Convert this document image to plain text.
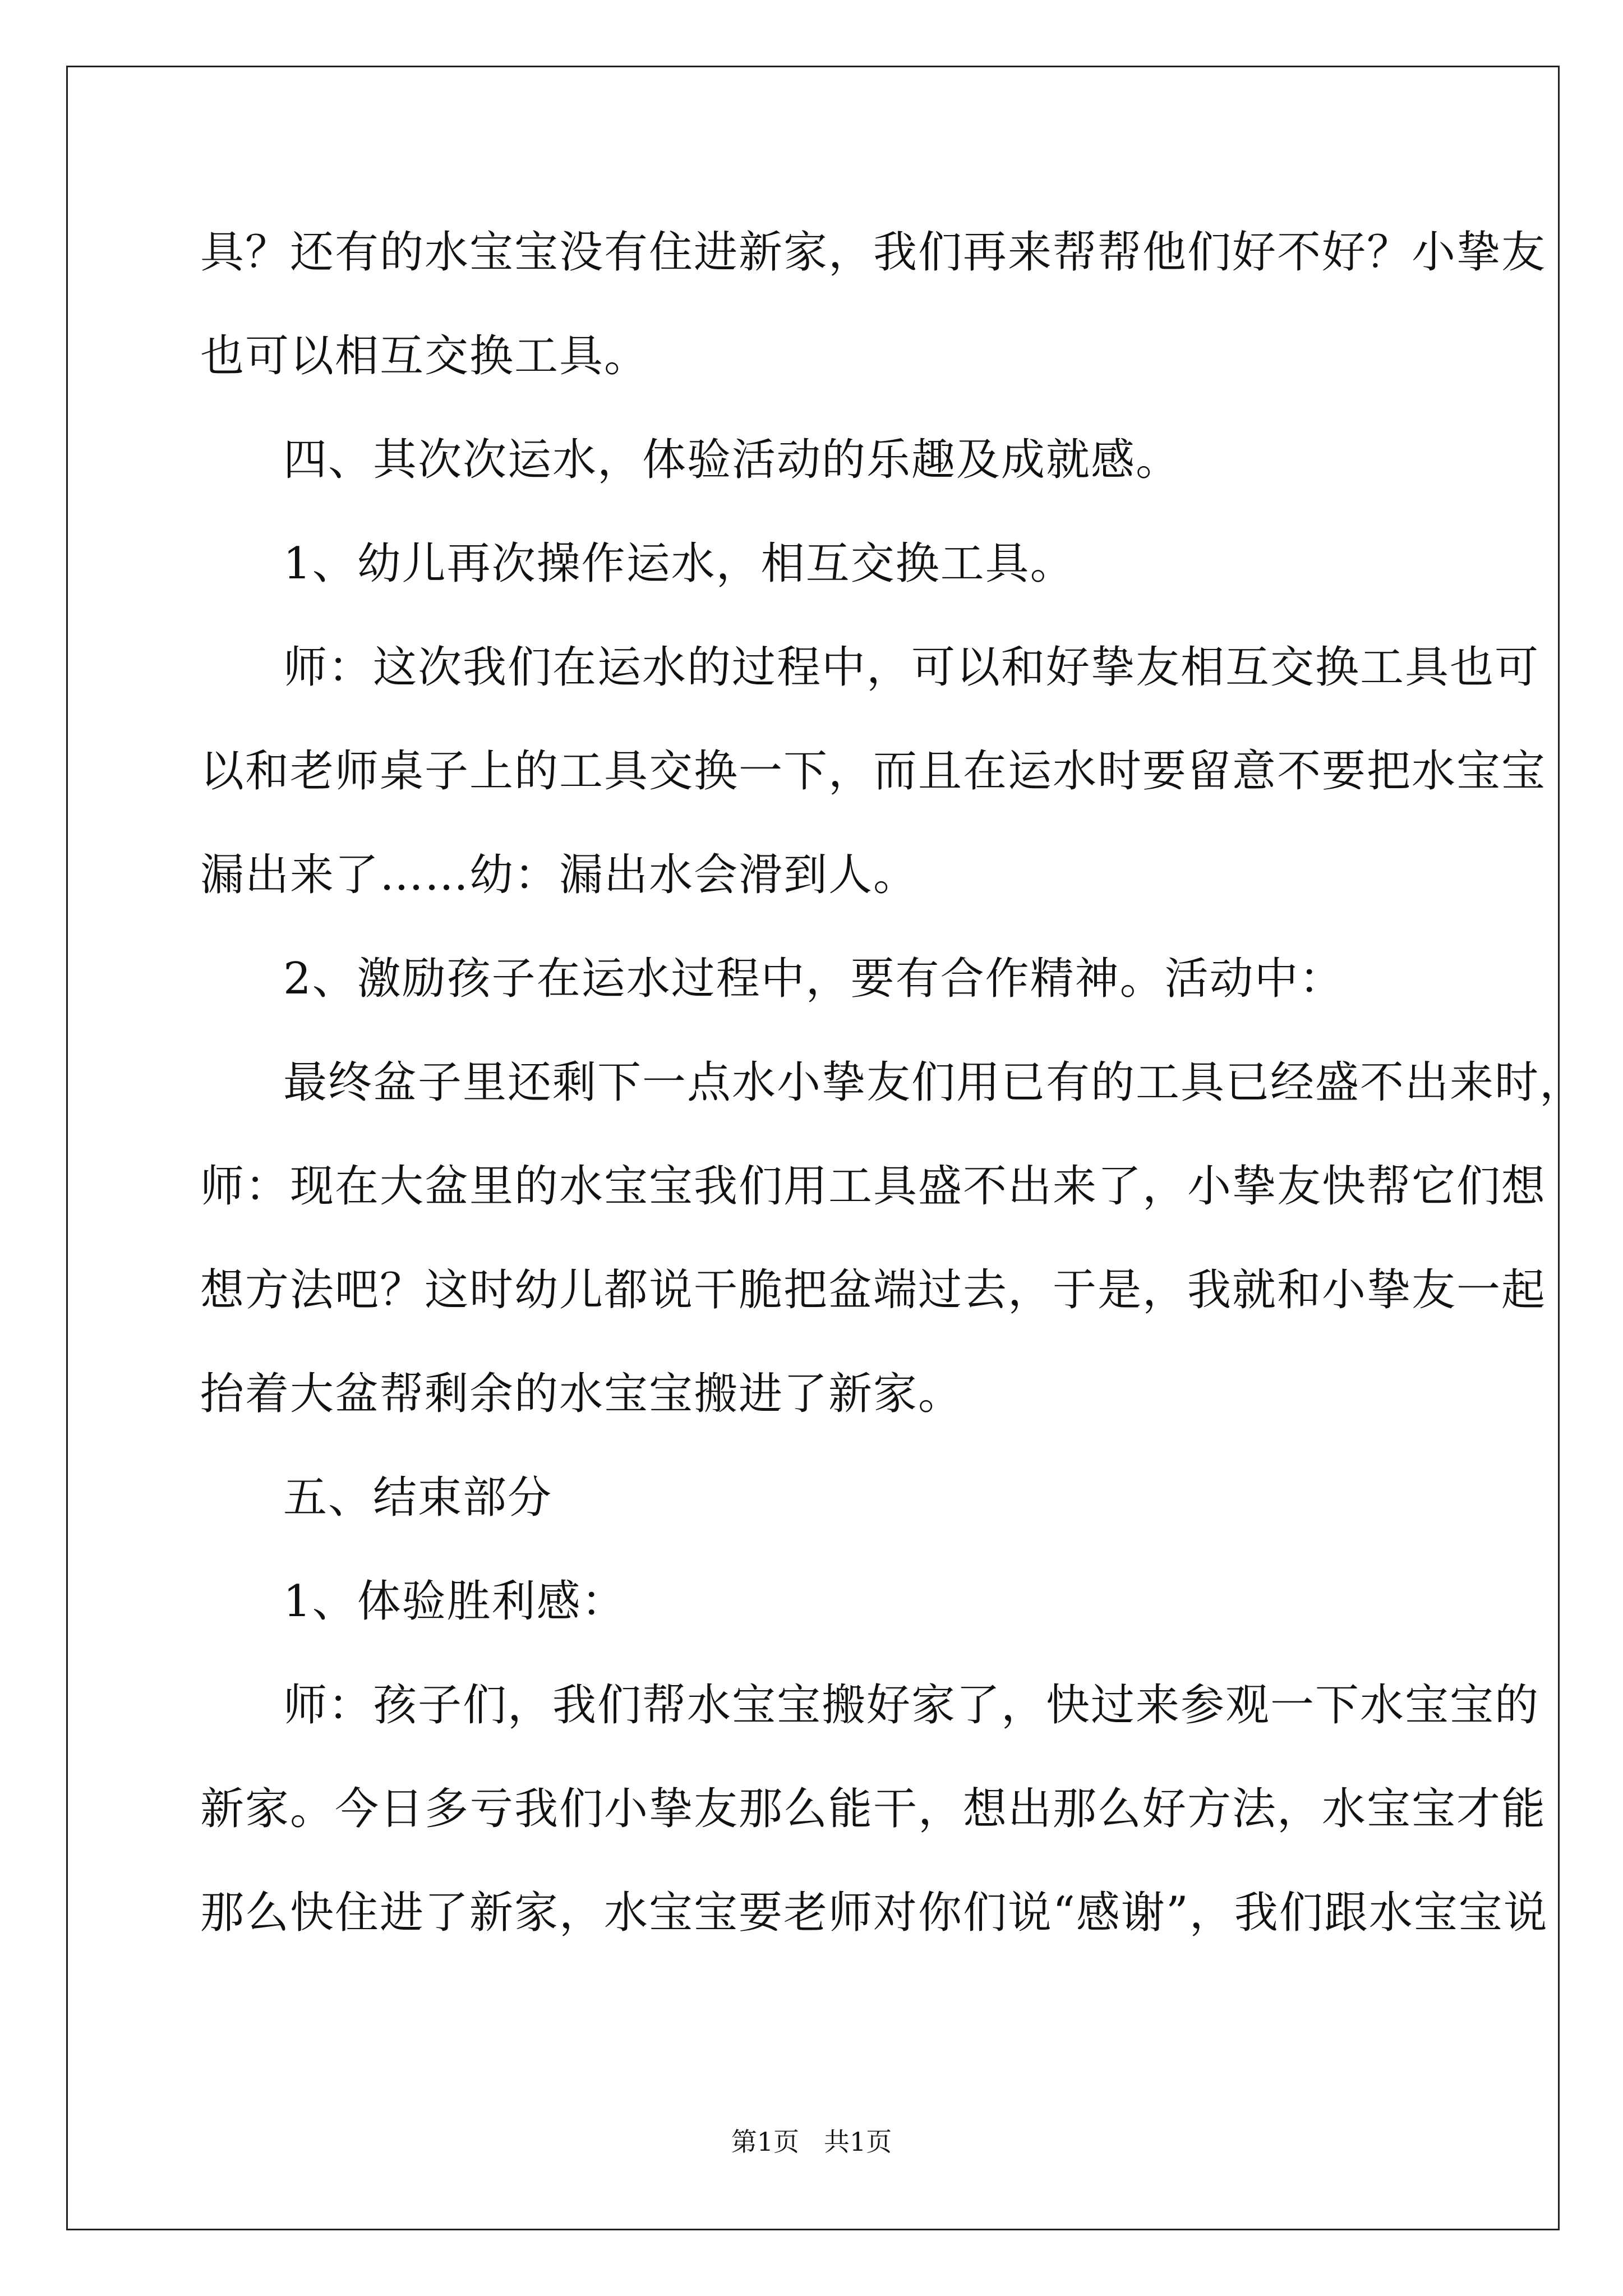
具？还有的水宝宝没有住进新家，我们再来帮帮他们好不好？小挚友

也可以相互交换工具。

四、其次次运水，体验活动的乐趣及成就感。

1、幼儿再次操作运水，相互交换工具。

师：这次我们在运水的过程中，可以和好挚友相互交换工具也可

以和老师桌子上的工具交换一下，而且在运水时要留意不要把水宝宝

漏出来了……幼：漏出水会滑到人。

2、激励孩子在运水过程中，要有合作精神。活动中：

最终盆子里还剩下一点水小挚友们用已有的工具已经盛不出来时，

师：现在大盆里的水宝宝我们用工具盛不出来了，小挚友快帮它们想

想方法吧？这时幼儿都说干脆把盆端过去，于是，我就和小挚友一起

抬着大盆帮剩余的水宝宝搬进了新家。

五、结束部分

1、体验胜利感：

师：孩子们，我们帮水宝宝搬好家了，快过来参观一下水宝宝的

新家。今日多亏我们小挚友那么能干，想出那么好方法，水宝宝才能

那么快住进了新家，水宝宝要老师对你们说“感谢”，我们跟水宝宝说

第1页 共1页
